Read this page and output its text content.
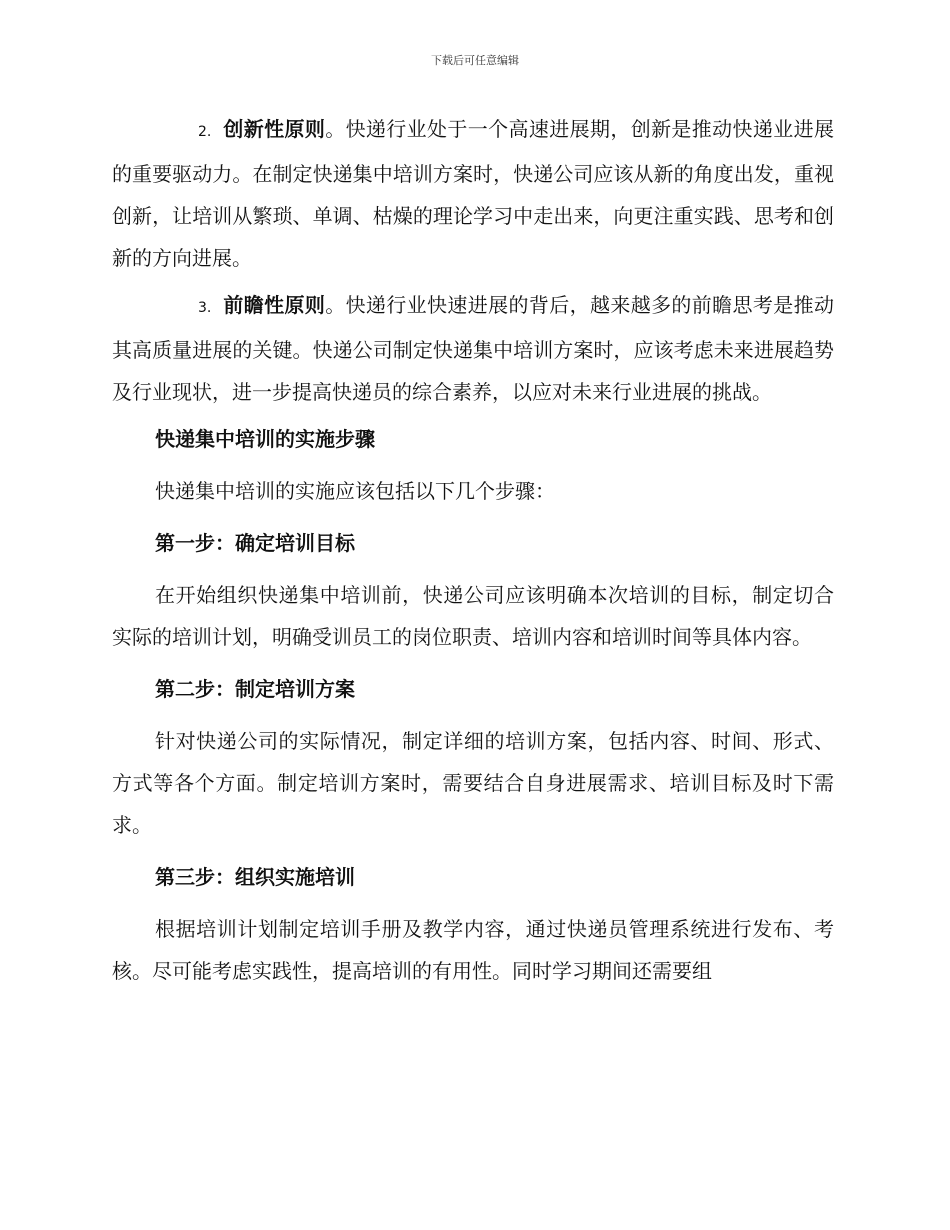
下载后可任意编辑

2. 创新性原则。快递行业处于一个高速进展期，创新是推动快递业进展的重要驱动力。在制定快递集中培训方案时，快递公司应该从新的角度出发，重视创新，让培训从繁琐、单调、枯燥的理论学习中走出来，向更注重实践、思考和创新的方向进展。

3. 前瞻性原则。快递行业快速进展的背后，越来越多的前瞻思考是推动其高质量进展的关键。快递公司制定快递集中培训方案时，应该考虑未来进展趋势及行业现状，进一步提高快递员的综合素养，以应对未来行业进展的挑战。

快递集中培训的实施步骤

快递集中培训的实施应该包括以下几个步骤：

第一步：确定培训目标

在开始组织快递集中培训前，快递公司应该明确本次培训的目标，制定切合实际的培训计划，明确受训员工的岗位职责、培训内容和培训时间等具体内容。

第二步：制定培训方案

针对快递公司的实际情况，制定详细的培训方案，包括内容、时间、形式、方式等各个方面。制定培训方案时，需要结合自身进展需求、培训目标及时下需求。

第三步：组织实施培训

根据培训计划制定培训手册及教学内容，通过快递员管理系统进行发布、考核。尽可能考虑实践性，提高培训的有用性。同时学习期间还需要组
